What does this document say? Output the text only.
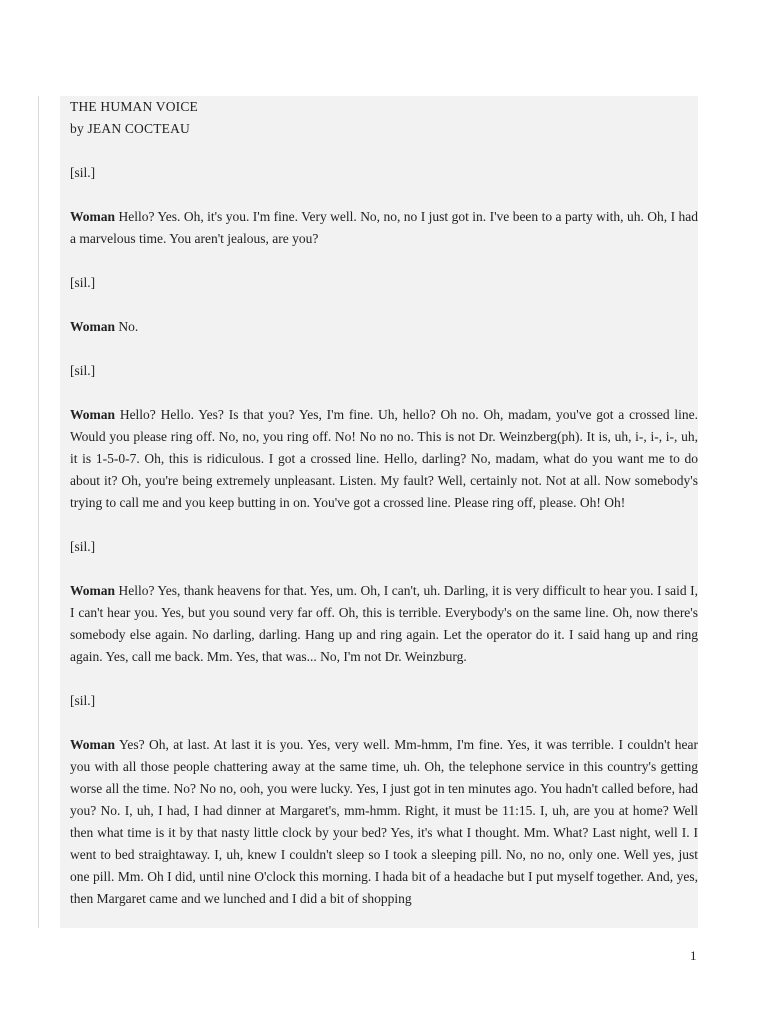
THE HUMAN VOICE

by JEAN COCTEAU

[sil.]

Woman Hello? Yes. Oh, it's you. I'm fine. Very well. No, no, no I just got in. I've been to a party with, uh. Oh, I had a marvelous time. You aren't jealous, are you?

[sil.]

Woman No.

[sil.]

Woman Hello? Hello. Yes? Is that you? Yes, I'm fine. Uh, hello? Oh no. Oh, madam, you've got a crossed line. Would you please ring off. No, no, you ring off. No! No no no. This is not Dr. Weinzberg(ph). It is, uh, i-, i-, i-, uh, it is 1-5-0-7. Oh, this is ridiculous. I got a crossed line. Hello, darling? No, madam, what do you want me to do about it? Oh, you're being extremely unpleasant. Listen. My fault? Well, certainly not. Not at all. Now somebody's trying to call me and you keep butting in on. You've got a crossed line. Please ring off, please. Oh! Oh!

[sil.]

Woman Hello? Yes, thank heavens for that. Yes, um. Oh, I can't, uh. Darling, it is very difficult to hear you. I said I, I can't hear you. Yes, but you sound very far off. Oh, this is terrible. Everybody's on the same line. Oh, now there's somebody else again. No darling, darling. Hang up and ring again. Let the operator do it. I said hang up and ring again. Yes, call me back. Mm. Yes, that was... No, I'm not Dr. Weinzburg.

[sil.]

Woman Yes? Oh, at last. At last it is you. Yes, very well. Mm-hmm, I'm fine. Yes, it was terrible. I couldn't hear you with all those people chattering away at the same time, uh. Oh, the telephone service in this country's getting worse all the time. No? No no, ooh, you were lucky. Yes, I just got in ten minutes ago. You hadn't called before, had you? No. I, uh, I had, I had dinner at Margaret's, mm-hmm. Right, it must be 11:15. I, uh, are you at home? Well then what time is it by that nasty little clock by your bed? Yes, it's what I thought. Mm. What? Last night, well I. I went to bed straightaway. I, uh, knew I couldn't sleep so I took a sleeping pill. No, no no, only one. Well yes, just one pill. Mm. Oh I did, until nine O'clock this morning. I hada bit of a headache but I put myself together. And, yes, then Margaret came and we lunched and I did a bit of shopping

1
